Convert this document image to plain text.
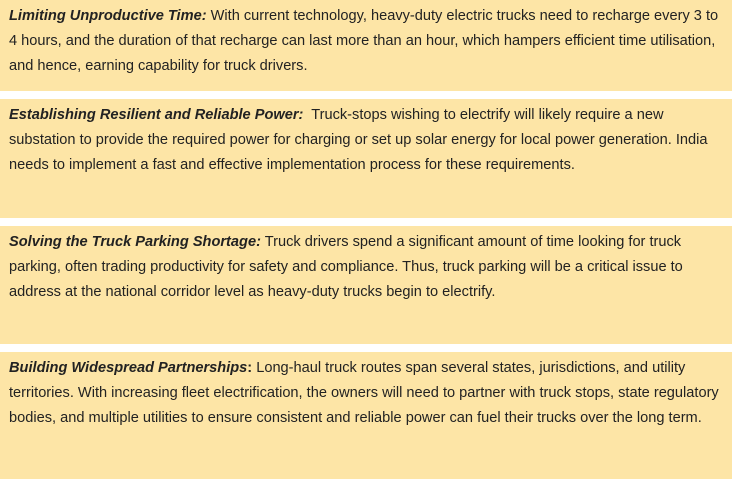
Limiting Unproductive Time: With current technology, heavy-duty electric trucks need to recharge every 3 to 4 hours, and the duration of that recharge can last more than an hour, which hampers efficient time utilisation, and hence, earning capability for truck drivers.
Establishing Resilient and Reliable Power:  Truck-stops wishing to electrify will likely require a new substation to provide the required power for charging or set up solar energy for local power generation. India needs to implement a fast and effective implementation process for these requirements.
Solving the Truck Parking Shortage: Truck drivers spend a significant amount of time looking for truck parking, often trading productivity for safety and compliance. Thus, truck parking will be a critical issue to address at the national corridor level as heavy-duty trucks begin to electrify.
Building Widespread Partnerships: Long-haul truck routes span several states, jurisdictions, and utility territories. With increasing fleet electrification, the owners will need to partner with truck stops, state regulatory bodies, and multiple utilities to ensure consistent and reliable power can fuel their trucks over the long term.
